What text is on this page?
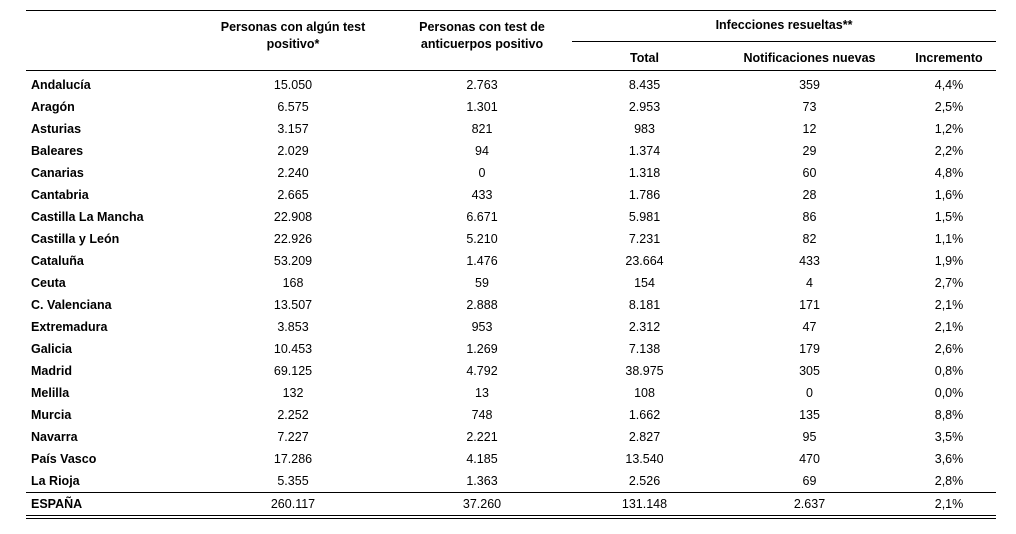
	Personas con algún test positivo*	Personas con test de anticuerpos positivo	Infecciones resueltas**		
			Total	Notificaciones nuevas	Incremento
Andalucía	15.050	2.763	8.435	359	4,4%
Aragón	6.575	1.301	2.953	73	2,5%
Asturias	3.157	821	983	12	1,2%
Baleares	2.029	94	1.374	29	2,2%
Canarias	2.240	0	1.318	60	4,8%
Cantabria	2.665	433	1.786	28	1,6%
Castilla La Mancha	22.908	6.671	5.981	86	1,5%
Castilla y León	22.926	5.210	7.231	82	1,1%
Cataluña	53.209	1.476	23.664	433	1,9%
Ceuta	168	59	154	4	2,7%
C. Valenciana	13.507	2.888	8.181	171	2,1%
Extremadura	3.853	953	2.312	47	2,1%
Galicia	10.453	1.269	7.138	179	2,6%
Madrid	69.125	4.792	38.975	305	0,8%
Melilla	132	13	108	0	0,0%
Murcia	2.252	748	1.662	135	8,8%
Navarra	7.227	2.221	2.827	95	3,5%
País Vasco	17.286	4.185	13.540	470	3,6%
La Rioja	5.355	1.363	2.526	69	2,8%
ESPAÑA	260.117	37.260	131.148	2.637	2,1%
